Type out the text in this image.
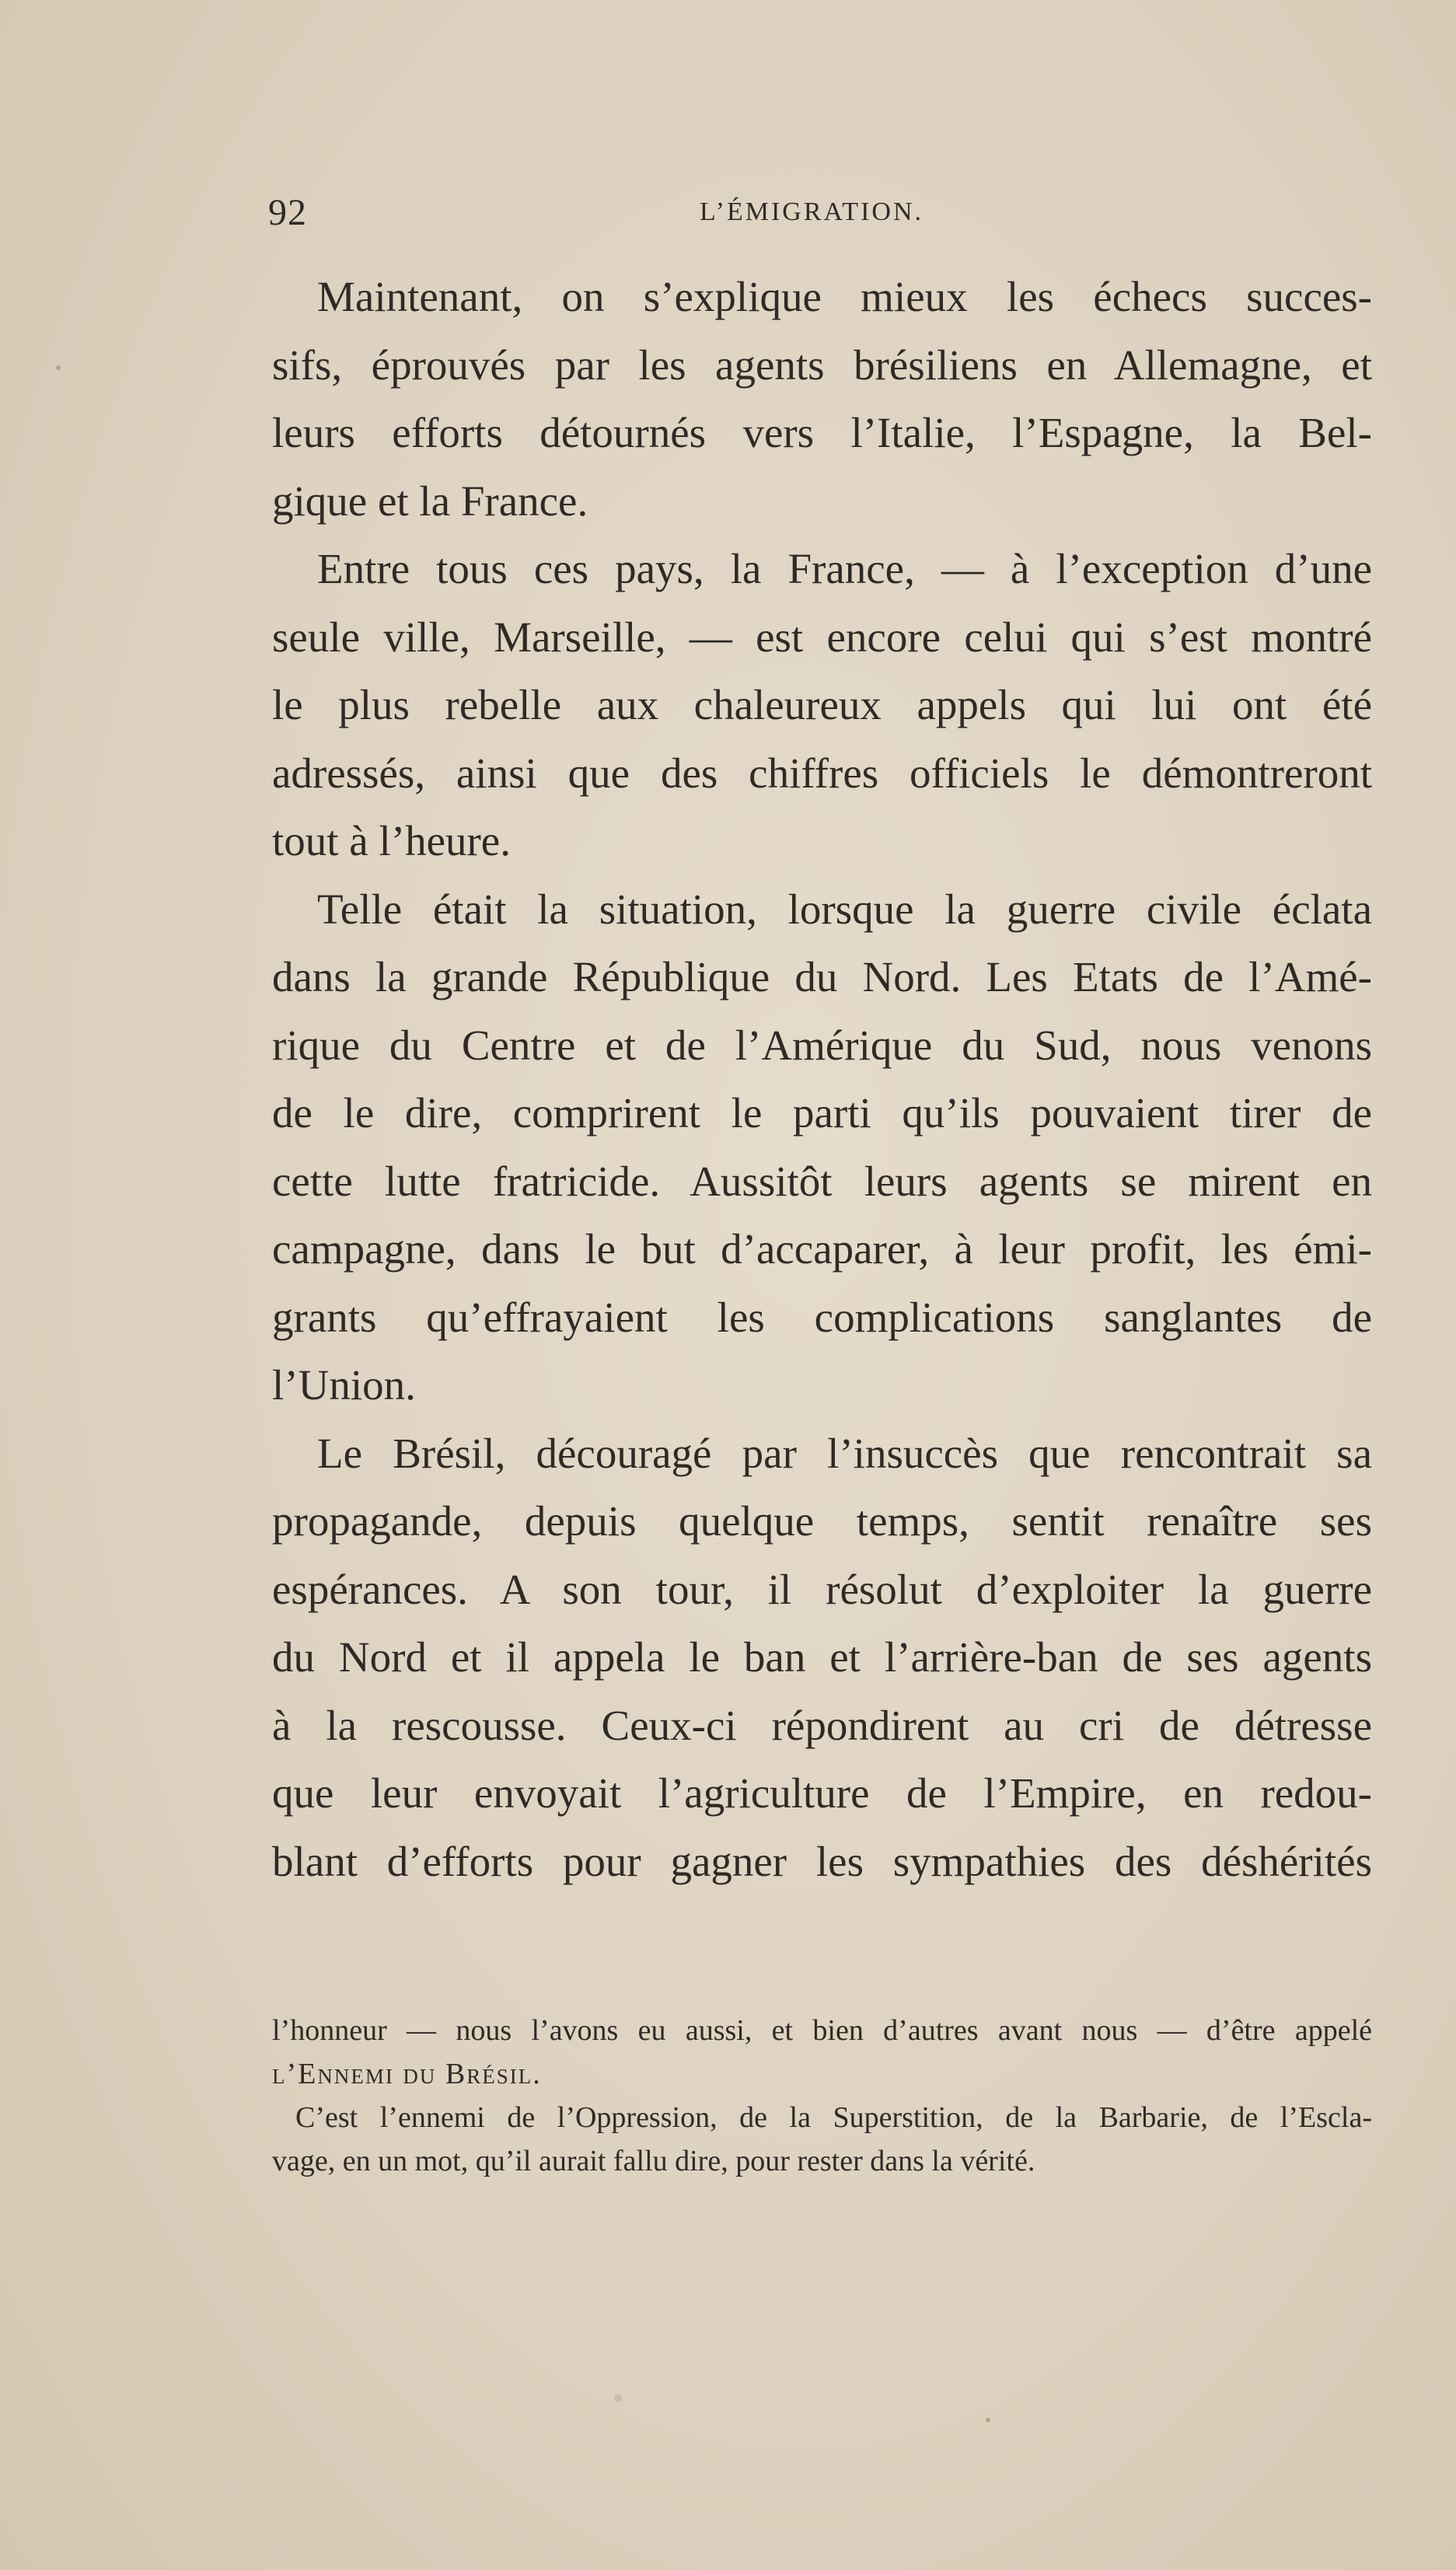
92	L’ÉMIGRATION.
Maintenant, on s’explique mieux les échecs succes-
sifs, éprouvés par les agents brésiliens en Allemagne, et
leurs efforts détournés vers l’Italie, l’Espagne, la Bel-
gique et la France.
Entre tous ces pays, la France, — à l’exception d’une
seule ville, Marseille, — est encore celui qui s’est montré
le plus rebelle aux chaleureux appels qui lui ont été
adressés, ainsi que des chiffres officiels le démontreront
tout à l’heure.
Telle était la situation, lorsque la guerre civile éclata
dans la grande République du Nord. Les Etats de l’Amé-
rique du Centre et de l’Amérique du Sud, nous venons
de le dire, comprirent le parti qu’ils pouvaient tirer de
cette lutte fratricide. Aussitôt leurs agents se mirent en
campagne, dans le but d’accaparer, à leur profit, les émi-
grants qu’effrayaient les complications sanglantes de
l’Union.
Le Brésil, découragé par l’insuccès que rencontrait sa
propagande, depuis quelque temps, sentit renaître ses
espérances. A son tour, il résolut d’exploiter la guerre
du Nord et il appela le ban et l’arrière-ban de ses agents
à la rescousse. Ceux-ci répondirent au cri de détresse
que leur envoyait l’agriculture de l’Empire, en redou-
blant d’efforts pour gagner les sympathies des déshérités
l’honneur — nous l’avons eu aussi, et bien d’autres avant nous — d’être appelé
l’Ennemi du Brésil.
C’est l’ennemi de l’Oppression, de la Superstition, de la Barbarie, de l’Escla-
vage, en un mot, qu’il aurait fallu dire, pour rester dans la vérité.
